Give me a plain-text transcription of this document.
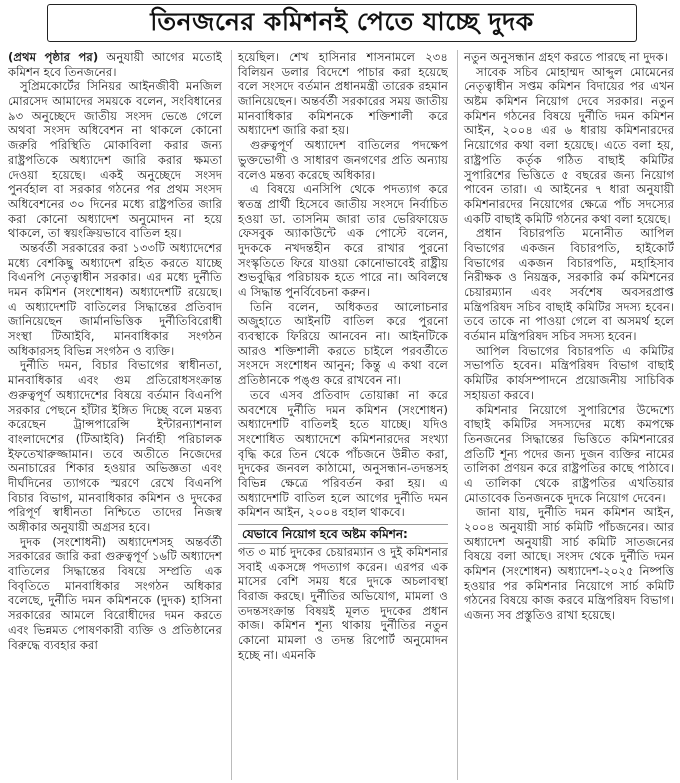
তিনজনের কমিশনই পেতে যাচ্ছে দুদক

(প্রথম পৃষ্ঠার পর) অনুযায়ী আগের মতোই কমিশন হবে তিনজনের।

সুপ্রিমকোর্টের সিনিয়র আইনজীবী মনজিল মোরসেদ আমাদের সময়কে বলেন, সংবিধানের ৯৩ অনুচ্ছেদে জাতীয় সংসদ ভেঙে গেলে অথবা সংসদ অধিবেশন না থাকলে কোনো জরুরি পরিস্থিতি মোকাবিলা করার জন্য রাষ্ট্রপতিকে অধ্যাদেশ জারি করার ক্ষমতা দেওয়া হয়েছে। একই অনুচ্ছেদে সংসদ পুনর্বহাল বা সরকার গঠনের পর প্রথম সংসদ অধিবেশনের ৩০ দিনের মধ্যে রাষ্ট্রপতির জারি করা কোনো অধ্যাদেশ অনুমোদন না হয়ে থাকলে, তা স্বয়ংক্রিয়ভাবে বাতিল হয়।

অন্তর্বর্তী সরকারের করা ১৩৩টি অধ্যাদেশের মধ্যে বেশকিছু অধ্যাদেশ রহিত করতে যাচ্ছে বিএনপি নেতৃত্বাধীন সরকার। এর মধ্যে দুর্নীতি দমন কমিশন (সংশোধন) অধ্যাদেশটি রয়েছে। এ অধ্যাদেশটি বাতিলের সিদ্ধান্তের প্রতিবাদ জানিয়েছেন জার্মানভিত্তিক দুর্নীতিবিরোধী সংস্থা টিআইবি, মানবাধিকার সংগঠন অধিকারসহ বিভিন্ন সংগঠন ও ব্যক্তি।

দুর্নীতি দমন, বিচার বিভাগের স্বাধীনতা, মানবাধিকার এবং গুম প্রতিরোধসংক্রান্ত গুরুত্বপূর্ণ অধ্যাদেশের বিষয়ে বর্তমান বিএনপি সরকার পেছনে হাঁটার ইঙ্গিত দিচ্ছে বলে মন্তব্য করেছেন ট্রান্সপারেন্সি ইন্টারন্যাশনাল বাংলাদেশের (টিআইবি) নির্বাহী পরিচালক ইফতেখারুজ্জামান। তবে অতীতে নিজেদের অনাচারের শিকার হওয়ার অভিজ্ঞতা এবং দীর্ঘদিনের ত্যাগকে স্মরণে রেখে বিএনপি বিচার বিভাগ, মানবাধিকার কমিশন ও দুদকের পরিপূর্ণ স্বাধীনতা নিশ্চিতে তাদের নিজস্ব অঙ্গীকার অনুযায়ী অগ্রসর হবে।

দুদক (সংশোধনী) অধ্যাদেশসহ অন্তর্বর্তী সরকারের জারি করা গুরুত্বপূর্ণ ১৬টি অধ্যাদেশ বাতিলের সিদ্ধান্তের বিষয়ে সম্প্রতি এক বিবৃতিতে মানবাধিকার সংগঠন অধিকার বলেছে, দুর্নীতি দমন কমিশনকে (দুদক) হাসিনা সরকারের আমলে বিরোধীদের দমন করতে এবং ভিন্নমত পোষণকারী ব্যক্তি ও প্রতিষ্ঠানের বিরুদ্ধে ব্যবহার করা

হয়েছিল। শেখ হাসিনার শাসনামলে ২৩৪ বিলিয়ন ডলার বিদেশে পাচার করা হয়েছে বলে সংসদে বর্তমান প্রধানমন্ত্রী তারেক রহমান জানিয়েছেন। অন্তর্বর্তী সরকারের সময় জাতীয় মানবাধিকার কমিশনকে শক্তিশালী করে অধ্যাদেশ জারি করা হয়।

গুরুত্বপূর্ণ অধ্যাদেশ বাতিলের পদক্ষেপ ভুক্তভোগী ও সাধারণ জনগণের প্রতি অন্যায় বলেও মন্তব্য করেছে অধিকার।

এ বিষয়ে এনসিপি থেকে পদত্যাগ করে স্বতন্ত্র প্রার্থী হিসেবে জাতীয় সংসদে নির্বাচিত হওয়া ডা. তাসনিম জারা তার ভেরিফায়েড ফেসবুক অ্যাকাউন্টে এক পোস্টে বলেন, দুদককে নখদন্তহীন করে রাখার পুরনো সংস্কৃতিতে ফিরে যাওয়া কোনোভাবেই রাষ্ট্রীয় শুভবুদ্ধির পরিচায়ক হতে পারে না। অবিলম্বে এ সিদ্ধান্ত পুনর্বিবেচনা করুন।

তিনি বলেন, অধিকতর আলোচনার অজুহাতে আইনটি বাতিল করে পুরনো ব্যবস্থাকে ফিরিয়ে আনবেন না। আইনটিকে আরও শক্তিশালী করতে চাইলে পরবর্তীতে সংসদে সংশোধন আনুন; কিন্তু এ কথা বলে প্রতিষ্ঠানকে পঙ্গু করে রাখবেন না।

তবে এসব প্রতিবাদ তোয়াক্কা না করে অবশেষে দুর্নীতি দমন কমিশন (সংশোধন) অধ্যাদেশটি বাতিলই হতে যাচ্ছে। যদিও সংশোধিত অধ্যাদেশে কমিশনারদের সংখ্যা বৃদ্ধি করে তিন থেকে পাঁচজনে উন্নীত করা, দুদকের জনবল কাঠামো, অনুসন্ধান-তদন্তসহ বিভিন্ন ক্ষেত্রে পরিবর্তন করা হয়। এ অধ্যাদেশটি বাতিল হলে আগের দুর্নীতি দমন কমিশন আইন, ২০০৪ বহাল থাকবে।

যেভাবে নিয়োগ হবে অষ্টম কমিশন:

গত ৩ মার্চ দুদকের চেয়ারম্যান ও দুই কমিশনার সবাই একসঙ্গে পদত্যাগ করেন। এরপর এক মাসের বেশি সময় ধরে দুদকে অচলাবস্থা বিরাজ করছে। দুর্নীতির অভিযোগ, মামলা ও তদন্তসংক্রান্ত বিষয়ই মূলত দুদকের প্রধান কাজ। কমিশন শূন্য থাকায় দুর্নীতির নতুন কোনো মামলা ও তদন্ত রিপোর্ট অনুমোদন হচ্ছে না। এমনকি

নতুন অনুসন্ধান গ্রহণ করতে পারছে না দুদক।

সাবেক সচিব মোহাম্মদ আব্দুল মোমেনের নেতৃত্বাধীন সপ্তম কমিশন বিদায়ের পর এখন অষ্টম কমিশন নিয়োগ দেবে সরকার। নতুন কমিশন গঠনের বিষয়ে দুর্নীতি দমন কমিশন আইন, ২০০৪ এর ৬ ধারায় কমিশনারদের নিয়োগের কথা বলা হয়েছে। এতে বলা হয়, রাষ্ট্রপতি কর্তৃক গঠিত বাছাই কমিটির সুপারিশের ভিত্তিতে ৫ বছরের জন্য নিয়োগ পাবেন তারা। এ আইনের ৭ ধারা অনুযায়ী কমিশনারদের নিয়োগের ক্ষেত্রে পাঁচ সদস্যের একটি বাছাই কমিটি গঠনের কথা বলা হয়েছে।

প্রধান বিচারপতি মনোনীত আপিল বিভাগের একজন বিচারপতি, হাইকোর্ট বিভাগের একজন বিচারপতি, মহাহিসাব নিরীক্ষক ও নিয়ন্ত্রক, সরকারি কর্ম কমিশনের চেয়ারম্যান এবং সর্বশেষ অবসরপ্রাপ্ত মন্ত্রিপরিষদ সচিব বাছাই কমিটির সদস্য হবেন। তবে তাকে না পাওয়া গেলে বা অসমর্থ হলে বর্তমান মন্ত্রিপরিষদ সচিব সদস্য হবেন।

আপিল বিভাগের বিচারপতি এ কমিটির সভাপতি হবেন। মন্ত্রিপরিষদ বিভাগ বাছাই কমিটির কার্যসম্পাদনে প্রয়োজনীয় সাচিবিক সহায়তা করবে।

কমিশনার নিয়োগে সুপারিশের উদ্দেশ্যে বাছাই কমিটির সদস্যদের মধ্যে কমপক্ষে তিনজনের সিদ্ধান্তের ভিত্তিতে কমিশনারের প্রতিটি শূন্য পদের জন্য দুজন ব্যক্তির নামের তালিকা প্রণয়ন করে রাষ্ট্রপতির কাছে পাঠাবে। এ তালিকা থেকে রাষ্ট্রপতির এখতিয়ার মোতাবেক তিনজনকে দুদকে নিয়োগ দেবেন।

জানা যায়, দুর্নীতি দমন কমিশন আইন, ২০০৪ অনুযায়ী সার্চ কমিটি পাঁচজনের। আর অধ্যাদেশ অনুযায়ী সার্চ কমিটি সাতজনের বিষয়ে বলা আছে। সংসদ থেকে দুর্নীতি দমন কমিশন (সংশোধন) অধ্যাদেশ-২০২৫ নিষ্পত্তি হওয়ার পর কমিশনার নিয়োগে সার্চ কমিটি গঠনের বিষয়ে কাজ করবে মন্ত্রিপরিষদ বিভাগ। এজন্য সব প্রস্তুতিও রাখা হয়েছে।
